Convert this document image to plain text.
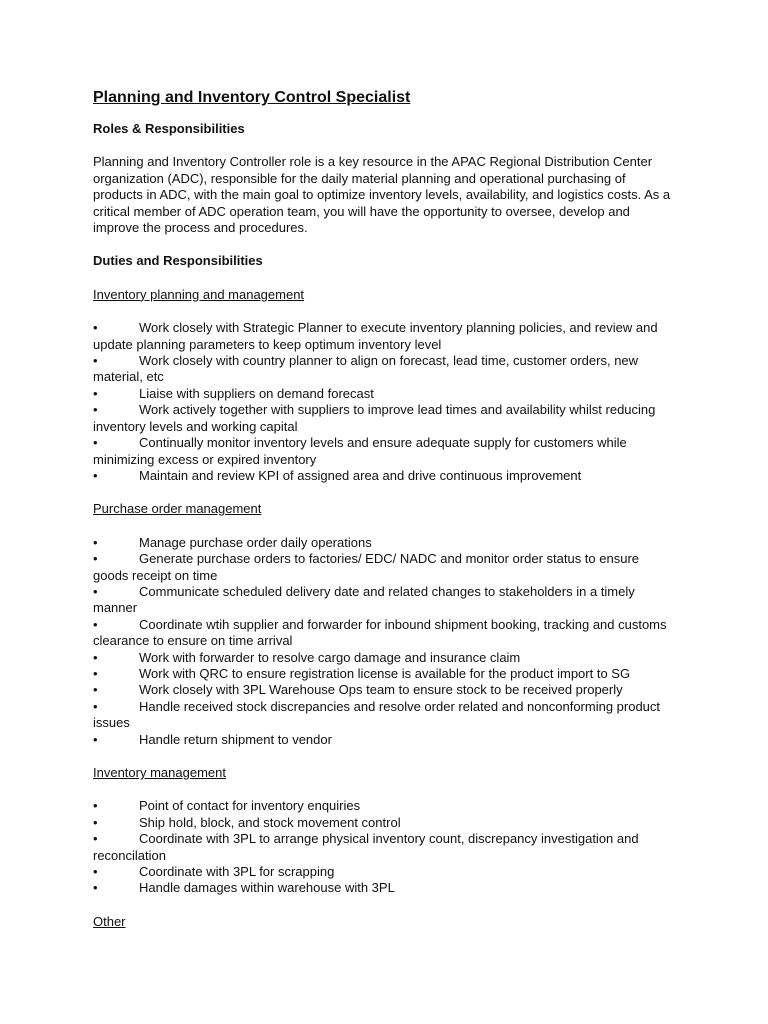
Planning and Inventory Control Specialist
Roles & Responsibilities
Planning and Inventory Controller role is a key resource in the APAC Regional Distribution Center organization (ADC), responsible for the daily material planning and operational purchasing of products in ADC, with the main goal to optimize inventory levels, availability, and logistics costs. As a critical member of ADC operation team, you will have the opportunity to oversee, develop and improve the process and procedures.
Duties and Responsibilities
Inventory planning and management
•	Work closely with Strategic Planner to execute inventory planning policies, and review and update planning parameters to keep optimum inventory level
•	Work closely with country planner to align on forecast, lead time, customer orders, new material, etc
•	Liaise with suppliers on demand forecast
•	Work actively together with suppliers to improve lead times and availability whilst reducing inventory levels and working capital
•	Continually monitor inventory levels and ensure adequate supply for customers while minimizing excess or expired inventory
•	Maintain and review KPI of assigned area and drive continuous improvement
Purchase order management
•	Manage purchase order daily operations
•	Generate purchase orders to factories/ EDC/ NADC and monitor order status to ensure goods receipt on time
•	Communicate scheduled delivery date and related changes to stakeholders in a timely manner
•	Coordinate wtih supplier and forwarder for inbound shipment booking, tracking and customs clearance to ensure on time arrival
•	Work with forwarder to resolve cargo damage and insurance claim
•	Work with QRC to ensure registration license is available for the product import to SG
•	Work closely with 3PL Warehouse Ops team to ensure stock to be received properly
•	Handle received stock discrepancies and resolve order related and nonconforming product issues
•	Handle return shipment to vendor
Inventory management
•	Point of contact for inventory enquiries
•	Ship hold, block, and stock movement control
•	Coordinate with 3PL to arrange physical inventory count, discrepancy investigation and reconcilation
•	Coordinate with 3PL for scrapping
•	Handle damages within warehouse with 3PL
Other
